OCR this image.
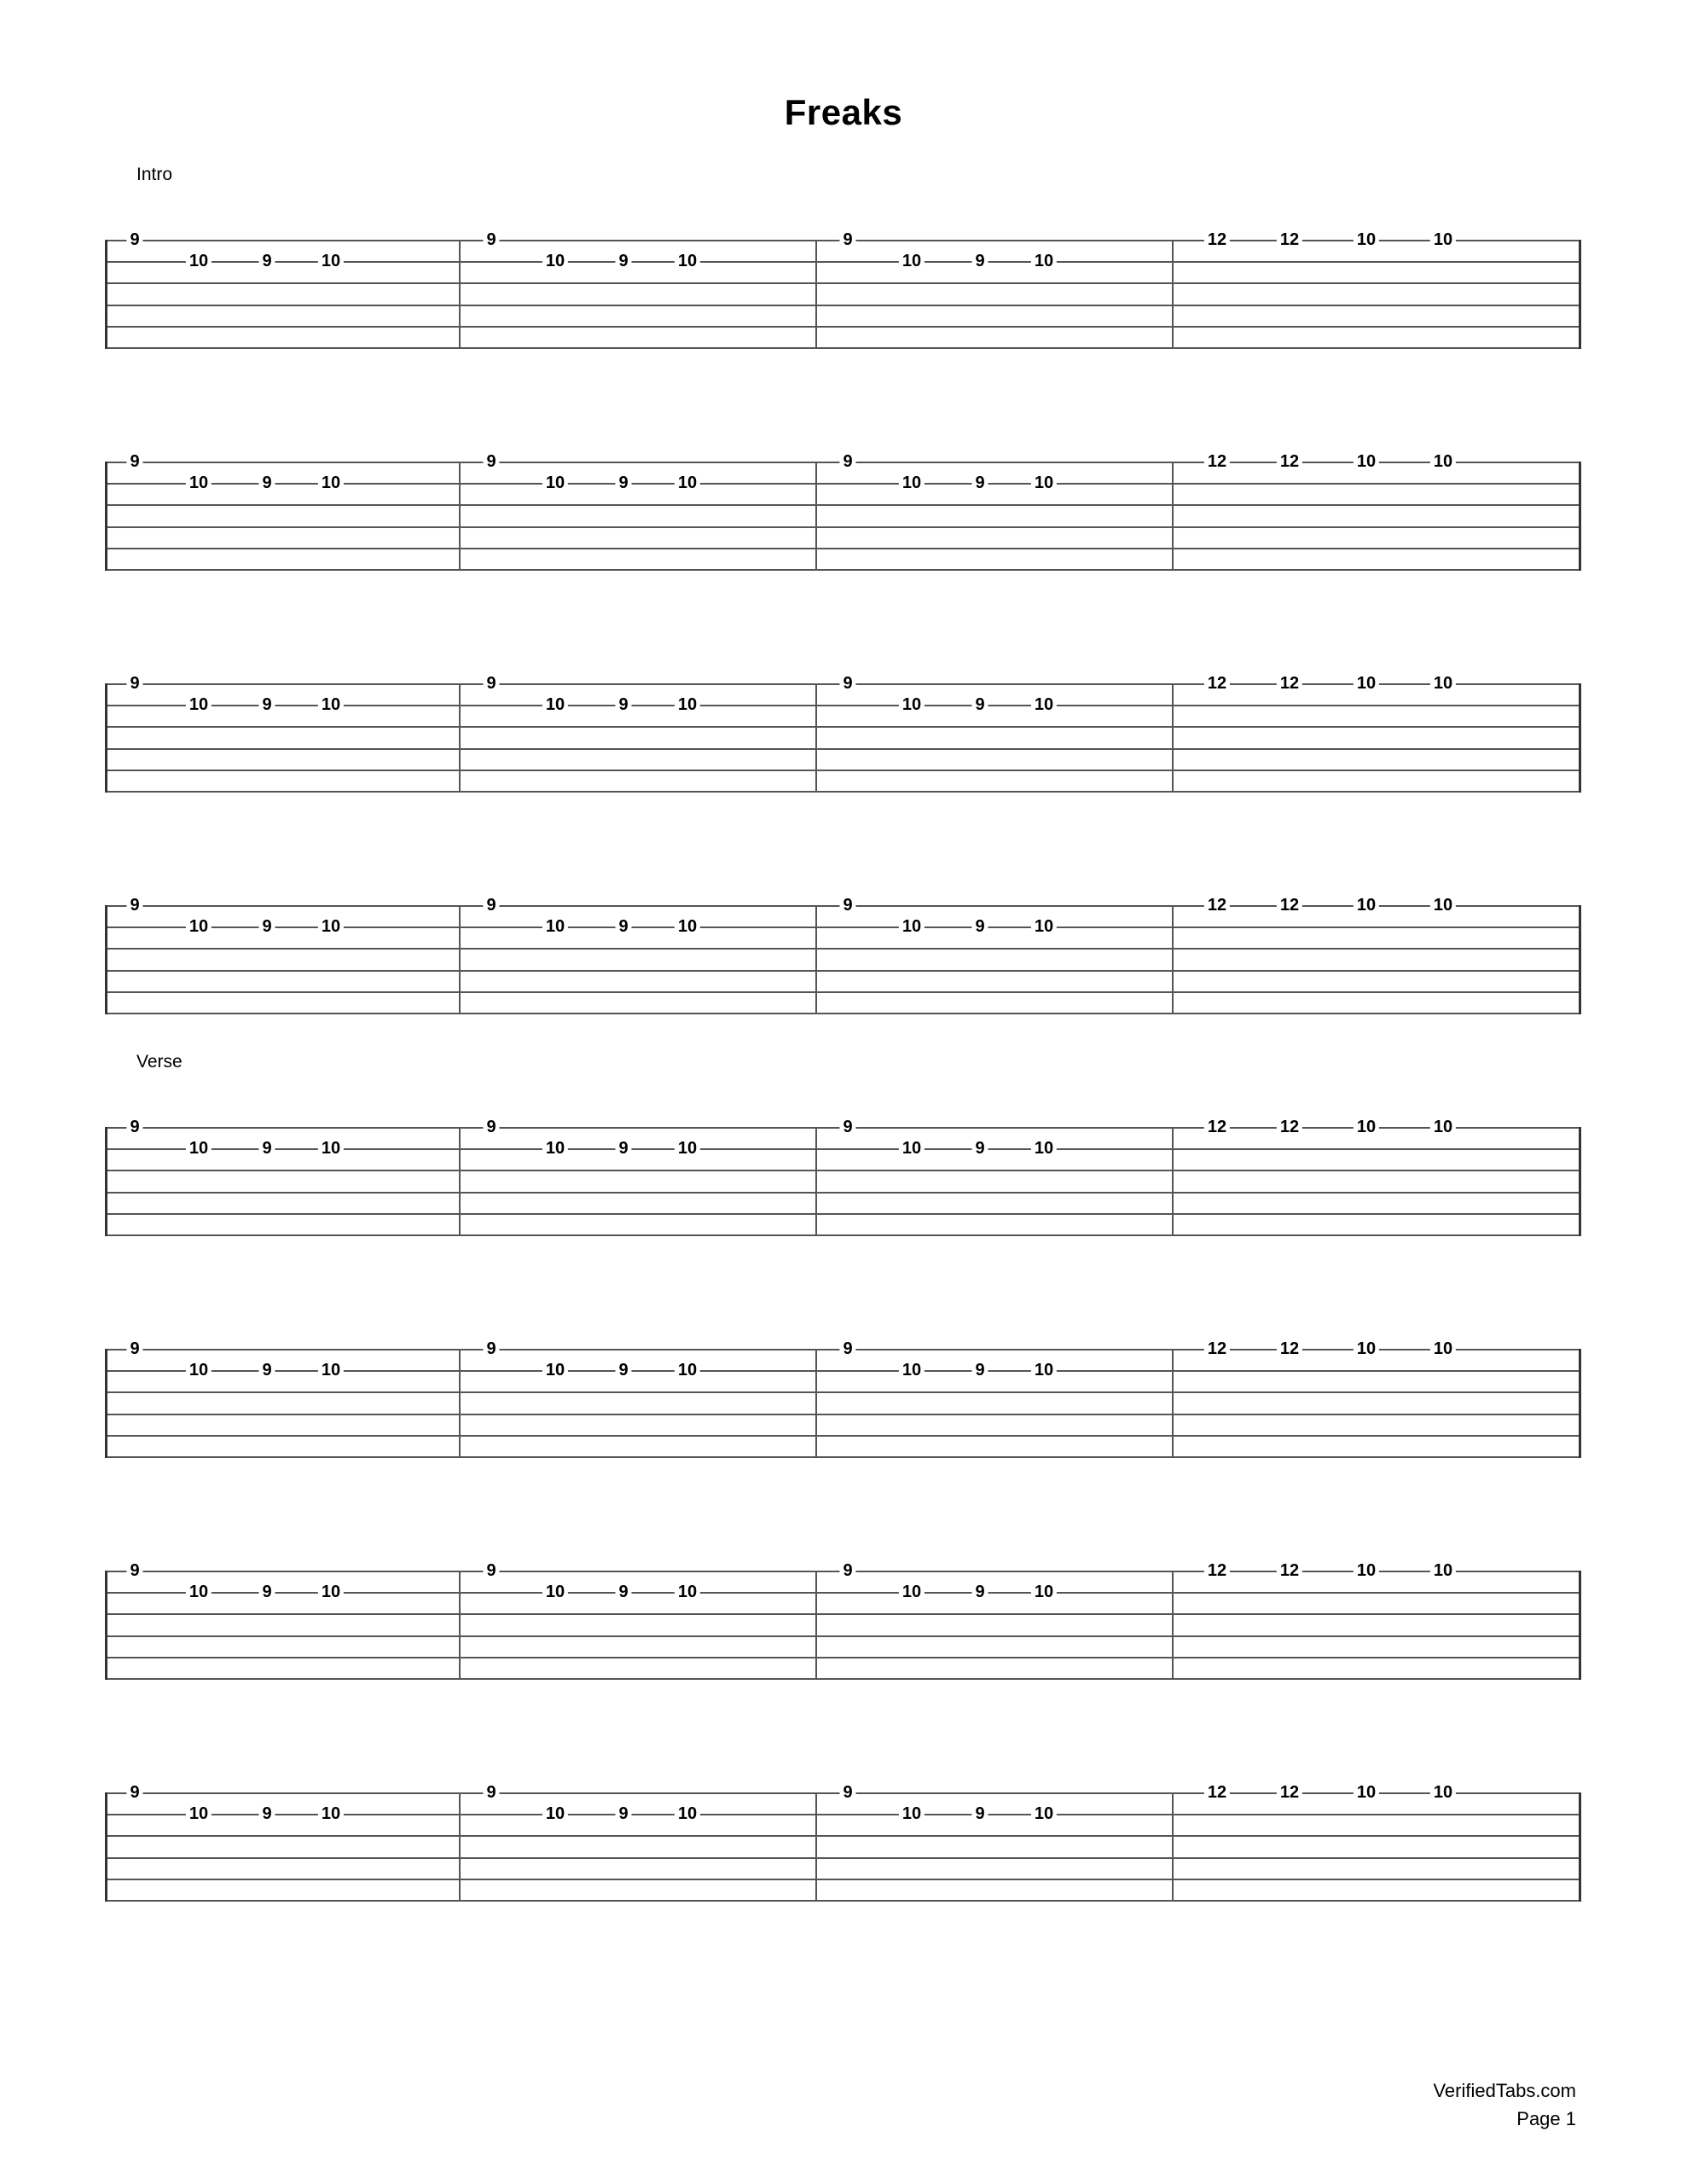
Freaks
Intro
9
10	9	10
9
10	9	10
9
10	9	10
12	12	10	10
9
10	9	10
9
10	9	10
9
10	9	10
12	12	10	10
9
10	9	10
9
10	9	10
9
10	9	10
12	12	10	10
9
10	9	10
9
10	9	10
9
10	9	10
12	12	10	10
Verse
9
10	9	10
9
10	9	10
9
10	9	10
12	12	10	10
9
10	9	10
9
10	9	10
9
10	9	10
12	12	10	10
9
10	9	10
9
10	9	10
9
10	9	10
12	12	10	10
9
10	9	10
9
10	9	10
9
10	9	10
12	12	10	10
VerifiedTabs.com
Page 1
